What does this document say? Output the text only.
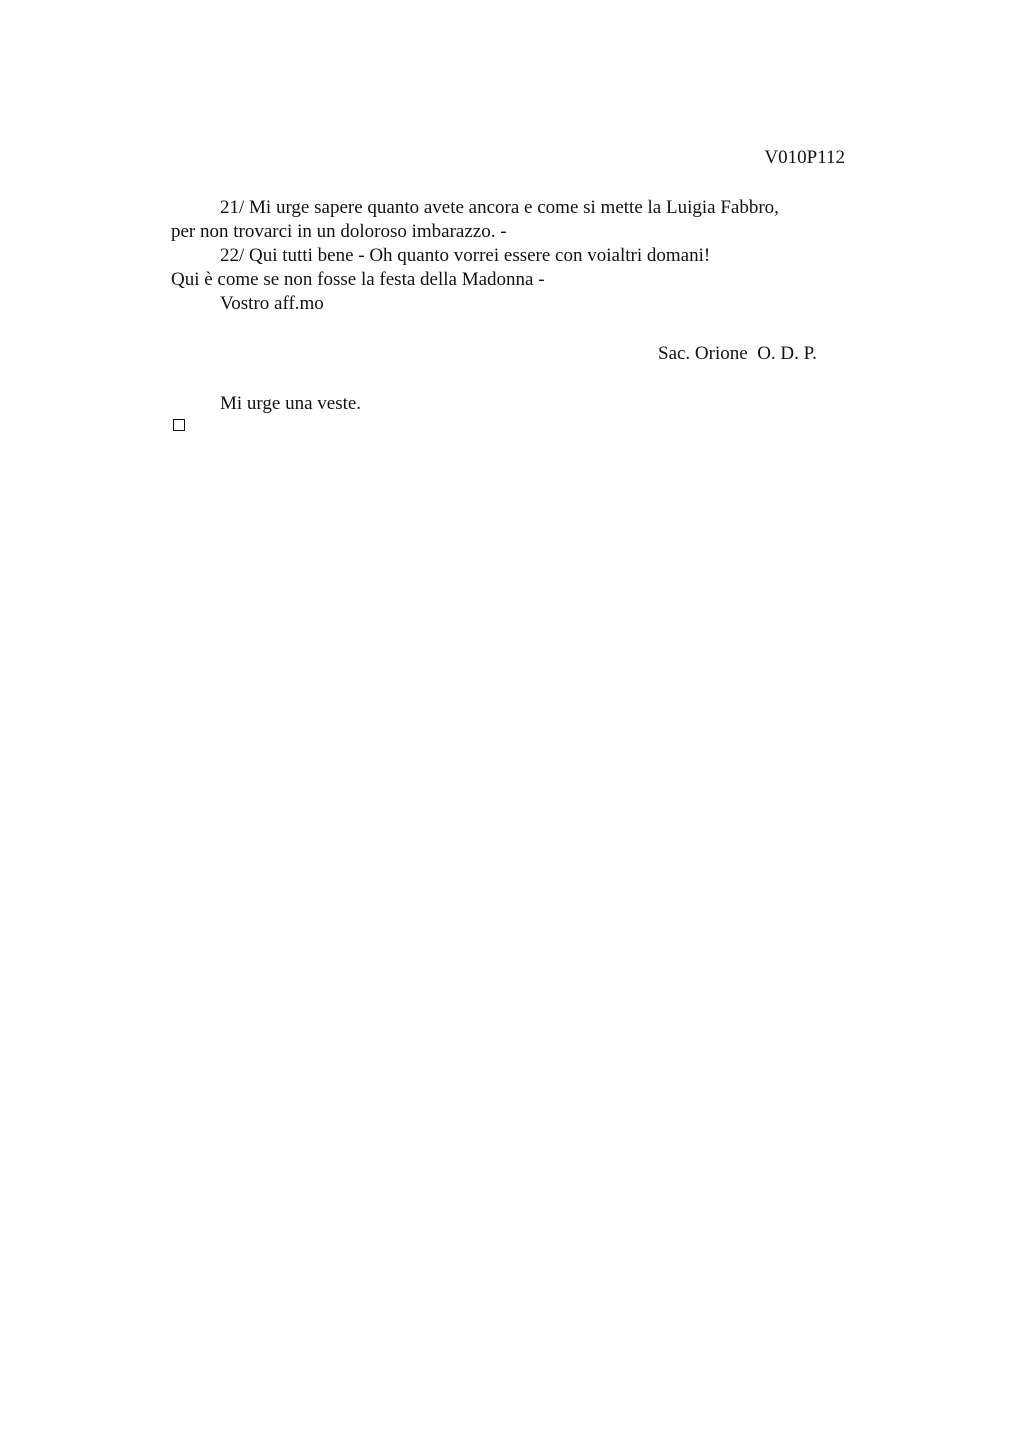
V010P112
21/ Mi urge sapere quanto avete ancora e come si mette la Luigia Fabbro,
per non trovarci in un doloroso imbarazzo. -
22/ Qui tutti bene - Oh quanto vorrei essere con voialtri domani!
Qui è come se non fosse la festa della Madonna -
Vostro aff.mo
Sac. Orione  O. D. P.
Mi urge una veste.
